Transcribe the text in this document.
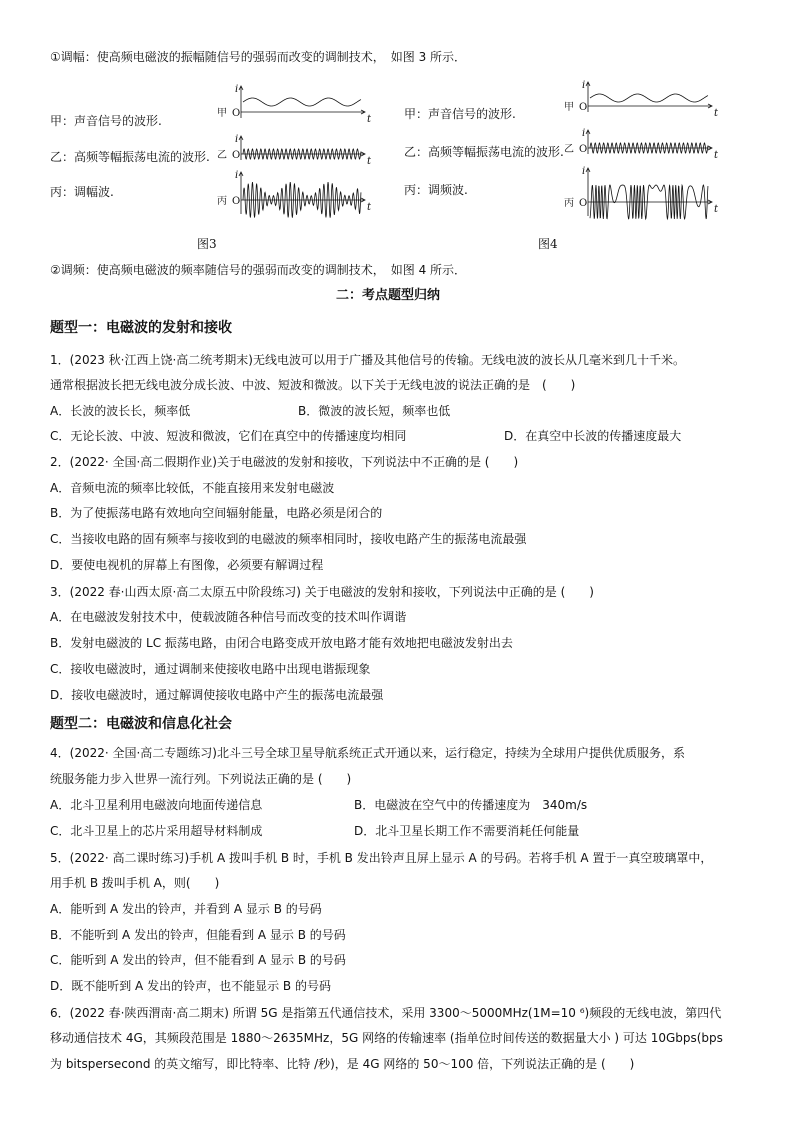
①调幅：使高频电磁波的振幅随信号的强弱而改变的调制技术，　如图 3 所示．
甲：声音信号的波形.
乙：高频等幅振荡电流的波形.
丙：调幅波.
甲 O
i
t
乙 O
i
t
丙 O
i
t
甲：声音信号的波形.
乙：高频等幅振荡电流的波形.
丙：调频波.
甲 O
i
t
乙 O
i
t
丙 O
i
t
图3	图4
②调频：使高频电磁波的频率随信号的强弱而改变的调制技术，　如图 4 所示．
二：考点题型归纳
题型一：电磁波的发射和接收
1．(2023 秋·江西上饶·高二统考期末)无线电波可以用于广播及其他信号的传输。无线电波的波长从几毫米到几十千米。
通常根据波长把无线电波分成长波、中波、短波和微波。以下关于无线电波的说法正确的是　(　　)
A．长波的波长长，频率低	B．微波的波长短，频率也低
C．无论长波、中波、短波和微波，它们在真空中的传播速度均相同	D．在真空中长波的传播速度最大
2．(2022· 全国·高二假期作业)关于电磁波的发射和接收，下列说法中不正确的是 (　　)
A．音频电流的频率比较低，不能直接用来发射电磁波
B．为了使振荡电路有效地向空间辐射能量，电路必须是闭合的
C．当接收电路的固有频率与接收到的电磁波的频率相同时，接收电路产生的振荡电流最强
D．要使电视机的屏幕上有图像，必须要有解调过程
3．(2022 春·山西太原·高二太原五中阶段练习) 关于电磁波的发射和接收，下列说法中正确的是 (　　)
A．在电磁波发射技术中，使载波随各种信号而改变的技术叫作调谐
B．发射电磁波的 LC 振荡电路，由闭合电路变成开放电路才能有效地把电磁波发射出去
C．接收电磁波时，通过调制来使接收电路中出现电谐振现象
D．接收电磁波时，通过解调使接收电路中产生的振荡电流最强
题型二：电磁波和信息化社会
4．(2022· 全国·高二专题练习)北斗三号全球卫星导航系统正式开通以来，运行稳定，持续为全球用户提供优质服务，系
统服务能力步入世界一流行列。下列说法正确的是 (　　)
A．北斗卫星利用电磁波向地面传递信息	B．电磁波在空气中的传播速度为　340m/s
C．北斗卫星上的芯片采用超导材料制成	D．北斗卫星长期工作不需要消耗任何能量
5．(2022· 高二课时练习)手机 A 拨叫手机 B 时，手机 B 发出铃声且屏上显示 A 的号码。若将手机 A 置于一真空玻璃罩中，
用手机 B 拨叫手机 A，则(　　)
A．能听到 A 发出的铃声，并看到 A 显示 B 的号码
B．不能听到 A 发出的铃声，但能看到 A 显示 B 的号码
C．能听到 A 发出的铃声，但不能看到 A 显示 B 的号码
D．既不能听到 A 发出的铃声，也不能显示 B 的号码
6．(2022 春·陕西渭南·高二期末) 所谓 5G 是指第五代通信技术，采用 3300～5000MHz(1M=10 ⁶)频段的无线电波，第四代
移动通信技术 4G，其频段范围是 1880～2635MHz，5G 网络的传输速率 (指单位时间传送的数据量大小 ) 可达 10Gbps(bps
为 bitspersecond 的英文缩写，即比特率、比特 /秒)，是 4G 网络的 50～100 倍，下列说法正确的是 (　　)
